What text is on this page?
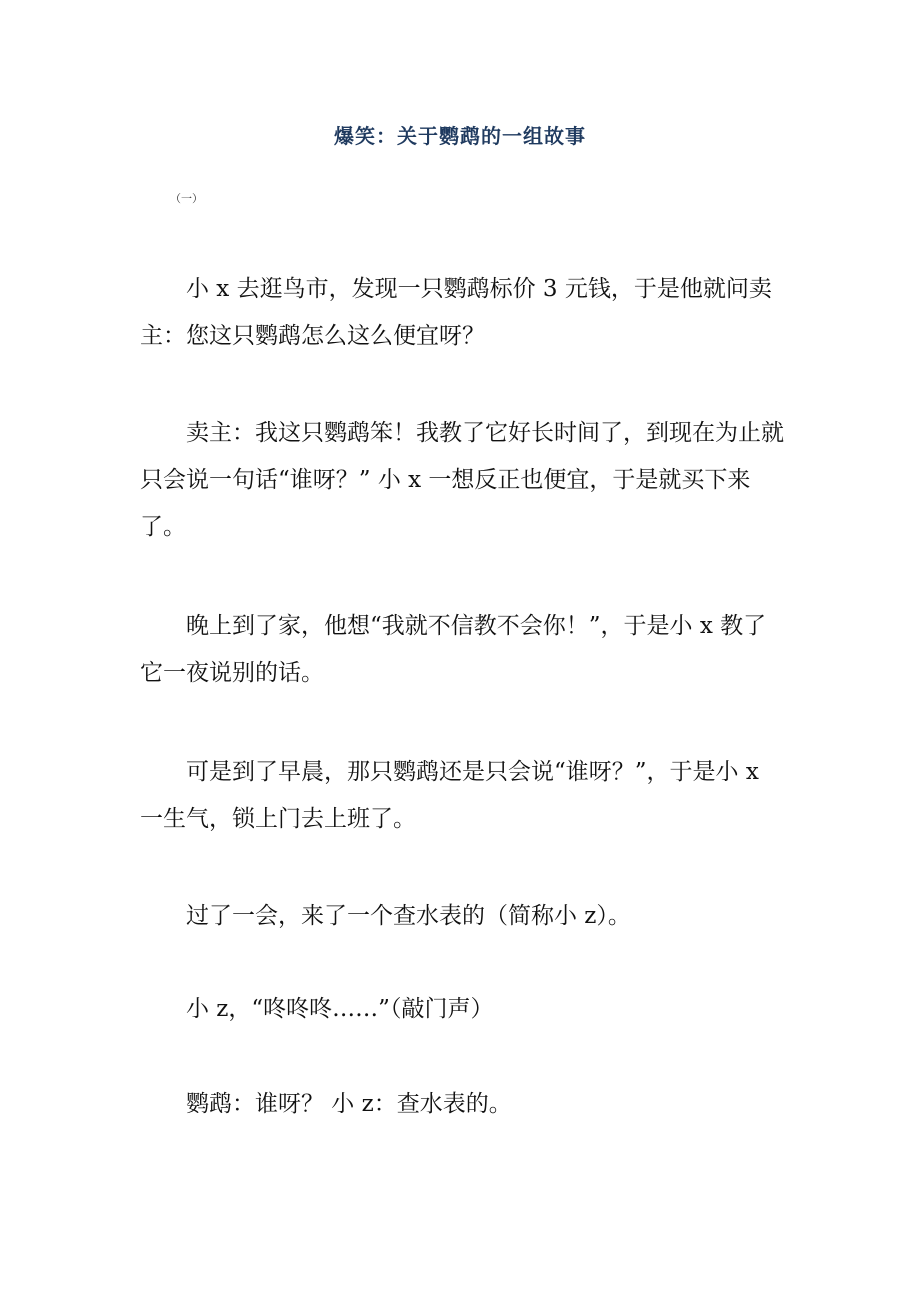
爆笑：关于鹦鹉的一组故事
（一）

小 x 去逛鸟市，发现一只鹦鹉标价 3 元钱，于是他就问卖主：您这只鹦鹉怎么这么便宜呀？

卖主：我这只鹦鹉笨！我教了它好长时间了，到现在为止就只会说一句话“谁呀？” 小 x 一想反正也便宜，于是就买下来了。

晚上到了家，他想“我就不信教不会你！”，于是小 x 教了它一夜说别的话。

可是到了早晨，那只鹦鹉还是只会说“谁呀？”，于是小 x 一生气，锁上门去上班了。

过了一会，来了一个查水表的（简称小 z）。

小 z，“咚咚咚……”（敲门声）

鹦鹉：谁呀？ 小 z：查水表的。
